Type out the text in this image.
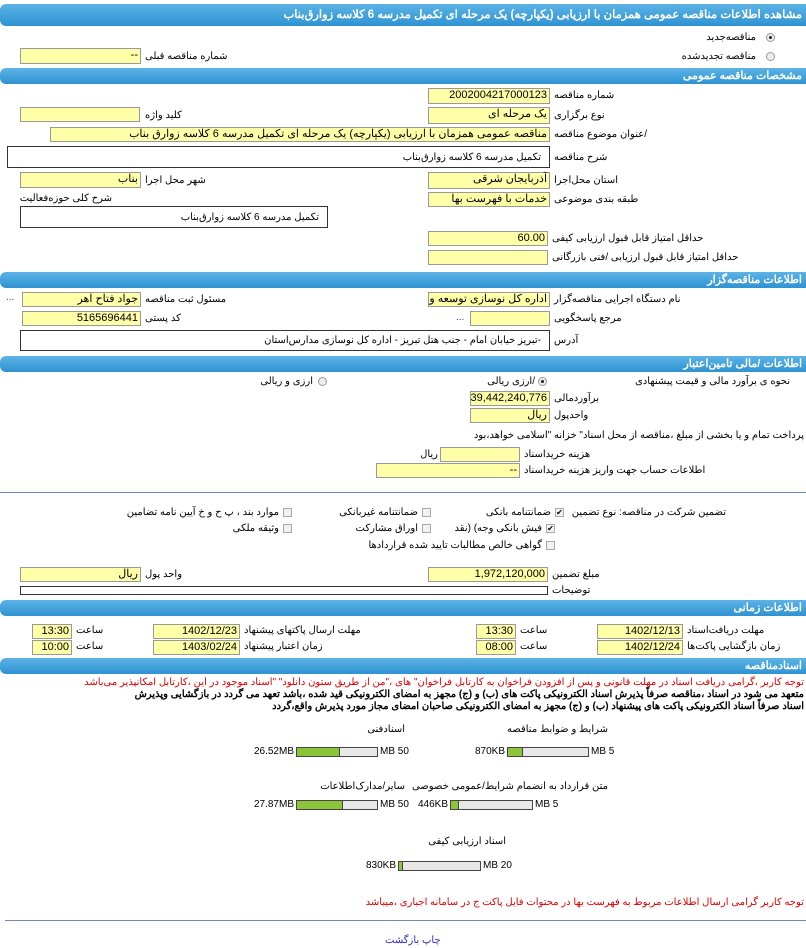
مشاهده اطلاعات مناقصه عمومی همزمان با ارزیابی (یکپارچه) یک مرحله ای تکمیل مدرسه 6 کلاسه زوارق‌بناب
مناقصه‌جدید
مناقصه تجدیدشده
شماره مناقصه قبلی
--
مشخصات مناقصه عمومی
شماره مناقصه
2002004217000123
نوع برگزاری
یک مرحله ای
کلید واژه
/عنوان موضوع مناقصه
مناقصه عمومی همزمان با ارزیابی (یکپارچه) یک مرحله ای تکمیل مدرسه 6 کلاسه زوارق بناب
شرح مناقصه
تکمیل مدرسه 6 کلاسه زوارق‌بناب
استان محل‌اجرا
آذربایجان شرقی
شهر محل اجرا
بناب
طبقه بندی موضوعی
خدمات با فهرست بها
شرح کلی حوزه‌فعالیت
تکمیل مدرسه 6 کلاسه زوارق‌بناب
حداقل امتیاز قابل قبول ارزیابی کیفی
60.00
حداقل امتیاز قابل قبول ارزیابی /فنی بازرگانی
اطلاعات مناقصه‌گزار
نام دستگاه اجرایی مناقصه‌گزار
اداره کل نوسازی توسعه و
مسئول ثبت مناقصه
جواد فتاح اهر
...
مرجع پاسخگویی
...
کد پستی
5165696441
آدرس
-تبریز خیابان امام - جنب هتل تبریز - اداره کل نوسازی مدارس‌استان
اطلاعات /مالی تامین‌اعتبار
نحوه ی برآورد مالی و قیمت پیشنهادی
/ارزی ریالی
ارزی و ریالی
برآوردمالی
39,442,240,776
واحدپول
ریال
پرداخت تمام و یا بخشی از مبلغ ،مناقصه از محل اسناد" خزانه "اسلامی خواهد،بود
هزینه خریداسناد
ریال
اطلاعات حساب جهت واریز هزینه خریداسناد
--
تضمین شرکت در مناقصه: نوع تضمین
✔
ضمانتنامه بانکی
ضمانتنامه غیربانکی
موارد بند ، پ ح و خ آیین نامه تضامین
✔
فیش بانکی وجه) (نقد
اوراق مشارکت
وثیقه ملکی
گواهی خالص مطالبات تایید شده قراردادها
مبلغ تضمین
1,972,120,000
واحد پول
ریال
توضیحات
اطلاعات زمانی
مهلت دریافت‌اسناد
1402/12/13
ساعت
13:30
مهلت ارسال پاکتهای پیشنهاد
1402/12/23
ساعت
13:30
زمان بازگشایی پاکت‌ها
1402/12/24
ساعت
08:00
زمان اعتبار پیشنهاد
1403/02/24
ساعت
10:00
اسنادمناقصه
توجه کاربر ،گرامی دریافت اسناد در مهلت قانونی و پس از افزودن فراخوان به کارتابل فراخوان" های ،"من از طریق ستون دانلود" "اسناد موجود در این ،کارتابل امکانپذیر می‌باشد
متعهد می شود در اسناد ،مناقصه صرفاً پذیرش اسناد الکترونیکی پاکت های (ب) و (ج) مجهز به امضای الکترونیکی قید شده ،باشد تعهد می گردد در بازگشایی وپذیرش
اسناد صرفاً اسناد الکترونیکی پاکت های پیشنهاد (ب) و (ج) مجهز به امضای الکترونیکی صاحبان امضای مجاز مورد پذیرش واقع،گردد
شرایط و ضوابط مناقصه
5 MB
870KB
اسنادفنی
50 MB
26.52MB
متن قرارداد به انضمام شرایط/عمومی خصوصی
5 MB
446KB
سایر/مدارک‌اطلاعات
50 MB
27.87MB
اسناد ارزیابی کیفی
20 MB
830KB
توجه کاربر گرامی ارسال اطلاعات مربوط به فهرست بها در محتوات فایل پاکت ج در سامانه اجباری ،میباشد
چاپ
بازگشت
